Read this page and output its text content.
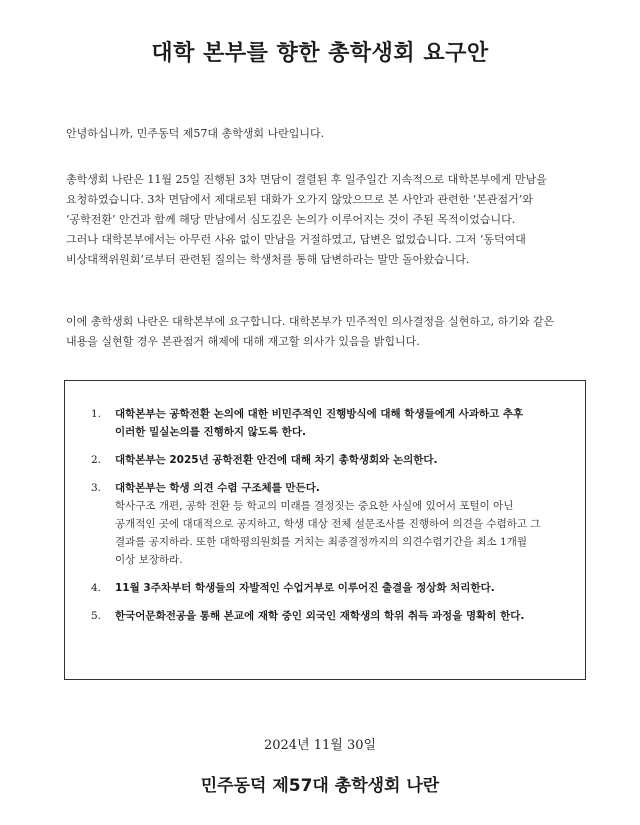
대학 본부를 향한 총학생회 요구안
안녕하십니까, 민주동덕 제57대 총학생회 나란입니다.
총학생회 나란은 11월 25일 진행된 3차 면담이 결렬된 후 일주일간 지속적으로 대학본부에게 만남을
요청하였습니다. 3차 면담에서 제대로된 대화가 오가지 않았으므로 본 사안과 관련한 ‘본관점거’와
‘공학전환’ 안건과 함께 해당 만남에서 심도깊은 논의가 이루어지는 것이 주된 목적이었습니다.
그러나 대학본부에서는 아무런 사유 없이 만남을 거절하였고, 답변은 없었습니다. 그저 ‘동덕여대
비상대책위원회’로부터 관련된 질의는 학생처를 통해 답변하라는 말만 돌아왔습니다.
이에 총학생회 나란은 대학본부에 요구합니다. 대학본부가 민주적인 의사결정을 실현하고, 하기와 같은
내용을 실현할 경우 본관점거 해제에 대해 재고할 의사가 있음을 밝힙니다.
1.	대학본부는 공학전환 논의에 대한 비민주적인 진행방식에 대해 학생들에게 사과하고 추후
이러한 밀실논의를 진행하지 않도록 한다.
2.	대학본부는 2025년 공학전환 안건에 대해 차기 총학생회와 논의한다.
3.	대학본부는 학생 의견 수렴 구조체를 만든다.
학사구조 개편, 공학 전환 등 학교의 미래를 결정짓는 중요한 사실에 있어서 포털이 아닌
공개적인 곳에 대대적으로 공지하고, 학생 대상 전체 설문조사를 진행하여 의견을 수렴하고 그
결과를 공지하라. 또한 대학평의원회를 거치는 최종결정까지의 의견수렴기간을 최소 1개월
이상 보장하라.
4.	11월 3주차부터 학생들의 자발적인 수업거부로 이루어진 출결을 정상화 처리한다.
5.	한국어문화전공을 통해 본교에 재학 중인 외국인 재학생의 학위 취득 과정을 명확히 한다.
2024년 11월 30일
민주동덕 제57대 총학생회 나란
